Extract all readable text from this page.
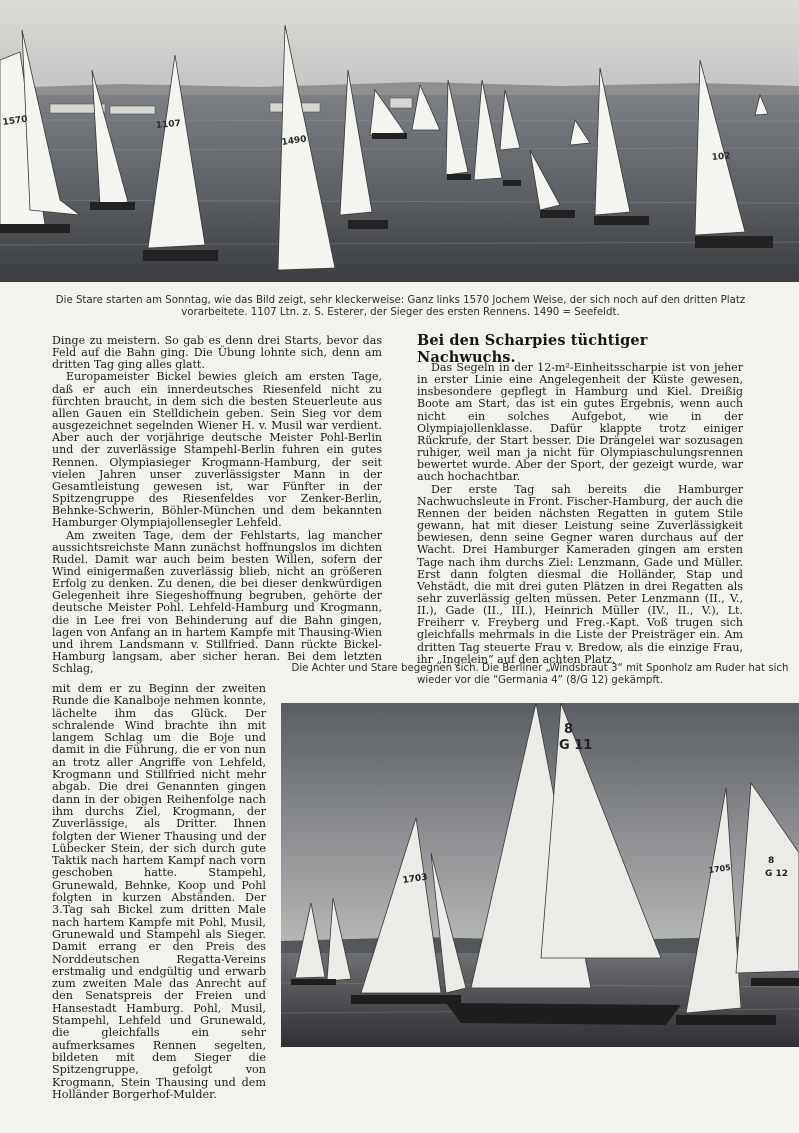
1570	1107
1490
102
Die Stare starten am Sonntag, wie das Bild zeigt, sehr kleckerweise: Ganz links 1570 Jochem Weise, der sich noch auf den dritten Platz vorarbeitete. 1107 Ltn. z. S. Esterer, der Sieger des ersten Rennens. 1490 = Seefeldt.

Dinge zu meistern. So gab es denn drei Starts, bevor das Feld auf die Bahn ging. Die Übung lohnte sich, denn am dritten Tag ging alles glatt.

Europameister Bickel bewies gleich am ersten Tage, daß er auch ein innerdeutsches Riesenfeld nicht zu fürchten braucht, in dem sich die besten Steuerleute aus allen Gauen ein Stelldichein geben. Sein Sieg vor dem ausgezeichnet segelnden Wiener H. v. Musil war verdient. Aber auch der vorjährige deutsche Meister Pohl-Berlin und der zuverlässige Stampehl-Berlin fuhren ein gutes Rennen. Olympiasieger Krogmann-Hamburg, der seit vielen Jahren unser zuverlässigster Mann in der Gesamtleistung gewesen ist, war Fünfter in der Spitzengruppe des Riesenfeldes vor Zenker-Berlin, Behnke-Schwerin, Böhler-München und dem bekannten Hamburger Olympiajollensegler Lehfeld.

Am zweiten Tage, dem der Fehlstarts, lag mancher aussichtsreichste Mann zunächst hoffnungslos im dichten Rudel. Damit war auch beim besten Willen, sofern der Wind einigermaßen zuverlässig blieb, nicht an größeren Erfolg zu denken. Zu denen, die bei dieser denkwürdigen Gelegenheit ihre Siegeshoffnung begruben, gehörte der deutsche Meister Pohl. Lehfeld-Hamburg und Krogmann, die in Lee frei von Behinderung auf die Bahn gingen, lagen von Anfang an in hartem Kampfe mit Thausing-Wien und ihrem Landsmann v. Stillfried. Dann rückte Bickel-Hamburg langsam, aber sicher heran. Bei dem letzten Schlag,

mit dem er zu Beginn der zweiten Runde die Kanalboje nehmen konnte, lächelte ihm das Glück. Der schralende Wind brachte ihn mit langem Schlag um die Boje und damit in die Führung, die er von nun an trotz aller Angriffe von Lehfeld, Krogmann und Stillfried nicht mehr abgab. Die drei Genannten gingen dann in der obigen Reihenfolge nach ihm durchs Ziel, Krogmann, der Zuverlässige, als Dritter. Ihnen folgten der Wiener Thausing und der Lübecker Stein, der sich durch gute Taktik nach hartem Kampf nach vorn geschoben hatte. Stampehl, Grunewald, Behnke, Koop und Pohl folgten in kurzen Abständen. Der 3.Tag sah Bickel zum dritten Male nach hartem Kampfe mit Pohl, Musil, Grunewald und Stampehl als Sieger. Damit errang er den Preis des Norddeutschen Regatta-Vereins erstmalig und endgültig und erwarb zum zweiten Male das Anrecht auf den Senatspreis der Freien und Hansestadt Hamburg. Pohl, Musil, Stampehl, Lehfeld und Grunewald, die gleichfalls ein sehr aufmerksames Rennen segelten, bildeten mit dem Sieger die Spitzengruppe, gefolgt von Krogmann, Stein Thausing und dem Holländer Borgerhof-Mulder.

Bei den Scharpies tüchtiger Nachwuchs.

Das Segeln in der 12-m²-Einheitsscharpie ist von jeher in erster Linie eine Angelegenheit der Küste gewesen, insbesondere gepflegt in Hamburg und Kiel. Dreißig Boote am Start, das ist ein gutes Ergebnis, wenn auch nicht ein solches Aufgebot, wie in der Olympiajollenklasse. Dafür klappte trotz einiger Rückrufe, der Start besser. Die Drängelei war sozusagen ruhiger, weil man ja nicht für Olympiaschulungsrennen bewertet wurde. Aber der Sport, der gezeigt wurde, war auch hochachtbar.

Der erste Tag sah bereits die Hamburger Nachwuchsleute in Front. Fischer-Hamburg, der auch die Rennen der beiden nächsten Regatten in gutem Stile gewann, hat mit dieser Leistung seine Zuverlässigkeit bewiesen, denn seine Gegner waren durchaus auf der Wacht. Drei Hamburger Kameraden gingen am ersten Tage nach ihm durchs Ziel: Lenzmann, Gade und Müller. Erst dann folgten diesmal die Holländer, Stap und Vehstädt, die mit drei guten Plätzen in drei Regatten als sehr zuverlässig gelten müssen. Peter Lenzmann (II., V., II.), Gade (II., III.), Heinrich Müller (IV., II., V.), Lt. Freiherr v. Freyberg und Freg.-Kapt. Voß trugen sich gleichfalls mehrmals in die Liste der Preisträger ein. Am dritten Tag steuerte Frau v. Bredow, als die einzige Frau, ihr „Ingelein“ auf den achten Platz.

Die Achter und Stare begegnen sich. Die Berliner „Windsbraut 3“ mit Sponholz am Ruder hat sich wieder vor die “Germania 4” (8/G 12) gekämpft.
8
G 11
1703
1705
8
G 12
